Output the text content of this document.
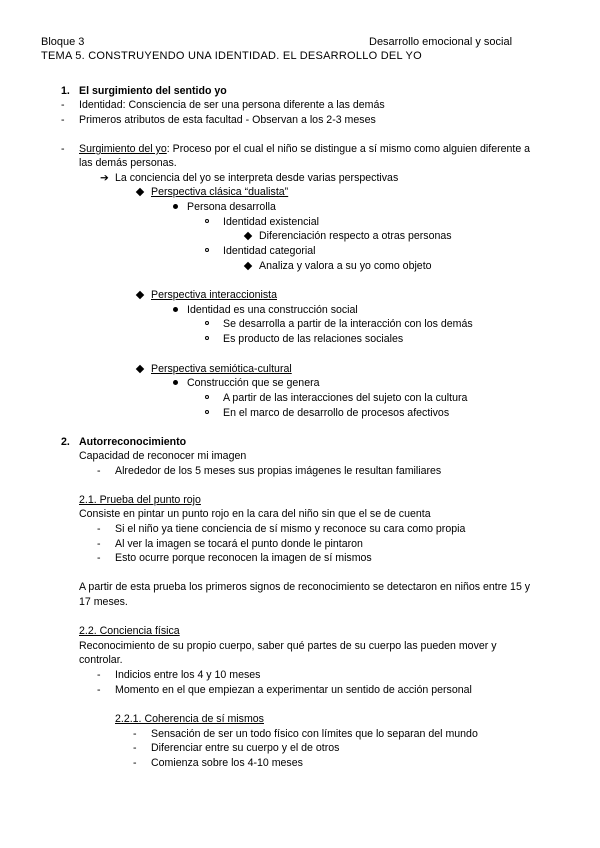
Bloque 3	Desarrollo emocional y social
TEMA 5. CONSTRUYENDO UNA IDENTIDAD. EL DESARROLLO DEL YO
1. El surgimiento del sentido yo
- Identidad: Consciencia de ser una persona diferente a las demás
- Primeros atributos de esta facultad - Observan a los 2-3 meses
- Surgimiento del yo: Proceso por el cual el niño se distingue a sí mismo como alguien diferente a
las demás personas.
➔ La conciencia del yo se interpreta desde varias perspectivas
Perspectiva clásica “dualista”
Persona desarrolla
Identidad existencial
Diferenciación respecto a otras personas
Identidad categorial
Analiza y valora a su yo como objeto
Perspectiva interaccionista
Identidad es una construcción social
Se desarrolla a partir de la interacción con los demás
Es producto de las relaciones sociales
Perspectiva semiótica-cultural
Construcción que se genera
A partir de las interacciones del sujeto con la cultura
En el marco de desarrollo de procesos afectivos
2. Autorreconocimiento
Capacidad de reconocer mi imagen
- Alrededor de los 5 meses sus propias imágenes le resultan familiares
2.1. Prueba del punto rojo
Consiste en pintar un punto rojo en la cara del niño sin que el se de cuenta
- Si el niño ya tiene conciencia de sí mismo y reconoce su cara como propia
- Al ver la imagen se tocará el punto donde le pintaron
- Esto ocurre porque reconocen la imagen de sí mismos
A partir de esta prueba los primeros signos de reconocimiento se detectaron en niños entre 15 y
17 meses.
2.2. Conciencia física
Reconocimiento de su propio cuerpo, saber qué partes de su cuerpo las pueden mover y
controlar.
- Indicios entre los 4 y 10 meses
- Momento en el que empiezan a experimentar un sentido de acción personal
2.2.1. Coherencia de sí mismos
- Sensación de ser un todo físico con límites que lo separan del mundo
- Diferenciar entre su cuerpo y el de otros
- Comienza sobre los 4-10 meses
